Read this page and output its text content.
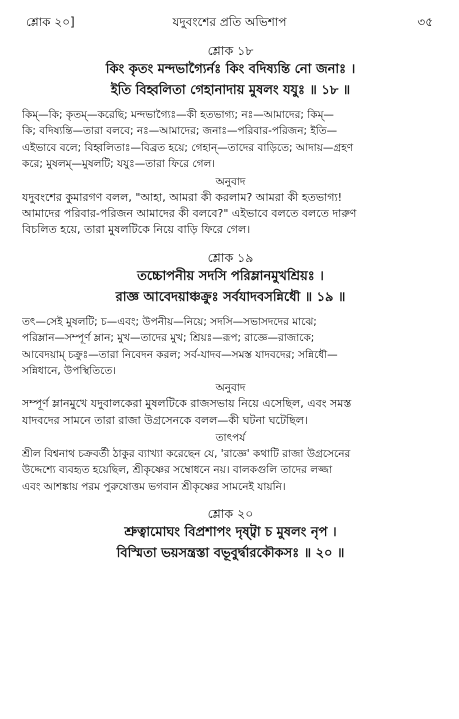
শ্লোক ২০]	যদুবংশের প্রতি অভিশাপ	৩৫
শ্লোক ১৮
কিং কৃতং মন্দভাগ্যৈর্নঃ কিং বদিষ্যন্তি নো জনাঃ ।
ইতি বিহ্বলিতা গেহানাদায় মুষলং যযুঃ ॥ ১৮ ॥
কিম্—কি; কৃতম্—করেছি; মন্দভাগ্যৈঃ—কী হতভাগ্য; নঃ—আমাদের; কিম্—
কি; বদিষ্যন্তি—তারা বলবে; নঃ—আমাদের; জনাঃ—পরিবার-পরিজন; ইতি—
এইভাবে বলে; বিহ্বলিতাঃ—বিব্রত হয়ে; গেহান্—তাদের বাড়িতে; আদায়—গ্রহণ
করে; মুষলম্—মুষলটি; যযুঃ—তারা ফিরে গেল।
অনুবাদ
যদুবংশের কুমারগণ বলল, "আহা, আমরা কী করলাম? আমরা কী হতভাগ্য!
আমাদের পরিবার-পরিজন আমাদের কী বলবে?" এইভাবে বলতে বলতে দারুণ
বিচলিত হয়ে, তারা মুষলটিকে নিয়ে বাড়ি ফিরে গেল।
শ্লোক ১৯
তচ্চোপনীয় সদসি পরিম্লানমুখশ্রিয়ঃ ।
রাজ্ঞ আবেদয়াঞ্চক্রুঃ সর্বযাদবসন্নিধৌ ॥ ১৯ ॥
তৎ—সেই মুষলটি; চ—এবং; উপনীয়—নিয়ে; সদসি—সভাসদদের মাঝে;
পরিম্লান—সম্পূর্ণ ম্লান; মুখ—তাদের মুখ; শ্রিয়ঃ—রূপ; রাজ্ঞে—রাজাকে;
আবেদয়াম্ চক্রুঃ—তারা নিবেদন করল; সর্ব-যাদব—সমস্ত যাদবদের; সন্নিধৌ—
সন্নিধানে, উপস্থিতিতে।
অনুবাদ
সম্পূর্ণ ম্লানমুখে যদুবালকেরা মুষলটিকে রাজসভায় নিয়ে এসেছিল, এবং সমস্ত
যাদবদের সামনে তারা রাজা উগ্রসেনকে বলল—কী ঘটনা ঘটেছিল।
তাৎপর্য
শ্রীল বিশ্বনাথ চক্রবর্তী ঠাকুর ব্যাখ্যা করেছেন যে, 'রাজ্ঞে' কথাটি রাজা উগ্রসেনের
উদ্দেশ্যে ব্যবহৃত হয়েছিল, শ্রীকৃষ্ণের সম্বোধনে নয়। বালকগুলি তাদের লজ্জা
এবং আশঙ্কায় পরম পুরুষোত্তম ভগবান শ্রীকৃষ্ণের সামনেই যায়নি।
শ্লোক ২০
শ্রুত্বামোঘং বিপ্রশাপং দৃষ্ট্বা চ মুষলং নৃপ ।
বিস্মিতা ভয়সন্ত্রস্তা বভূবুর্দ্বারকৌকসঃ ॥ ২০ ॥
